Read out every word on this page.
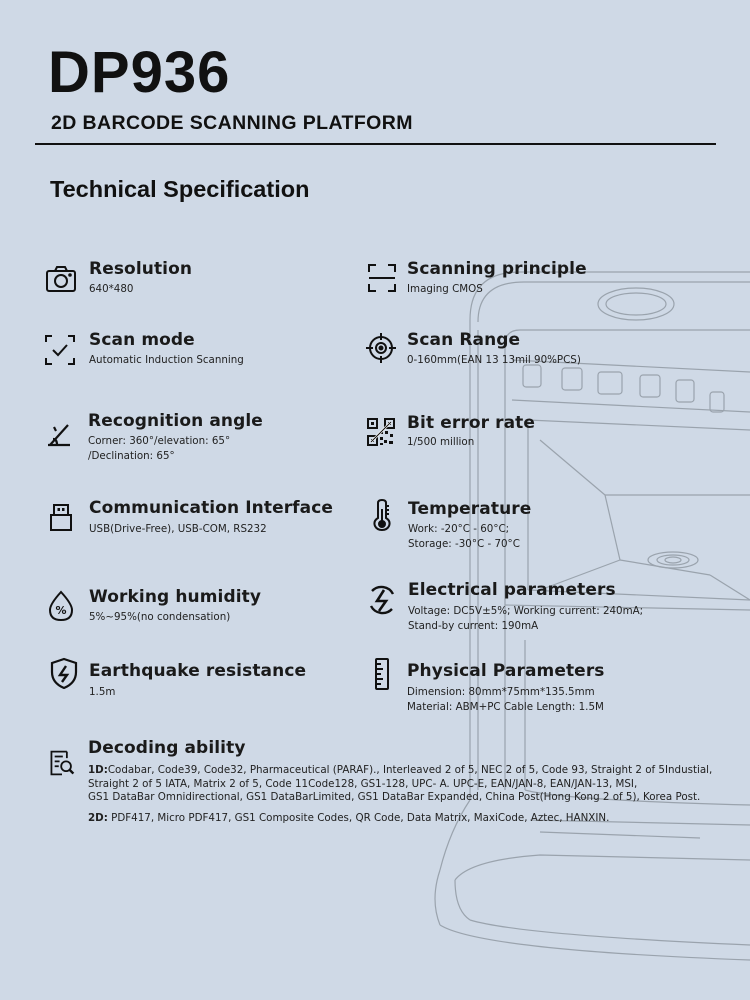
DP936
2D BARCODE SCANNING PLATFORM
Technical Specification
Resolution
640*480
Scanning principle
Imaging CMOS
Scan mode
Automatic Induction Scanning
Scan Range
0-160mm(EAN 13 13mil 90%PCS)
Recognition angle
Corner: 360°/elevation: 65°
/Declination: 65°
Bit error rate
1/500 million
Communication Interface
USB(Drive-Free), USB-COM, RS232
Temperature
Work: -20°C - 60°C;
Storage: -30°C - 70°C
%
Working humidity
5%~95%(no condensation)
Electrical parameters
Voltage: DC5V±5%; Working current: 240mA;
Stand-by current: 190mA
Earthquake resistance
1.5m
Physical Parameters
Dimension: 80mm*75mm*135.5mm
Material: ABM+PC Cable Length: 1.5M
Decoding ability
1D:Codabar, Code39, Code32, Pharmaceutical (PARAF)., Interleaved 2 of 5, NEC 2 of 5, Code 93, Straight 2 of 5Industial,
Straight 2 of 5 IATA, Matrix 2 of 5, Code 11Code128, GS1-128, UPC- A. UPC-E, EAN/JAN-8, EAN/JAN-13, MSI,
GS1 DataBar Omnidirectional, GS1 DataBarLimited, GS1 DataBar Expanded, China Post(Hong Kong 2 of 5), Korea Post.
2D: PDF417, Micro PDF417, GS1 Composite Codes, QR Code, Data Matrix, MaxiCode, Aztec, HANXIN.
